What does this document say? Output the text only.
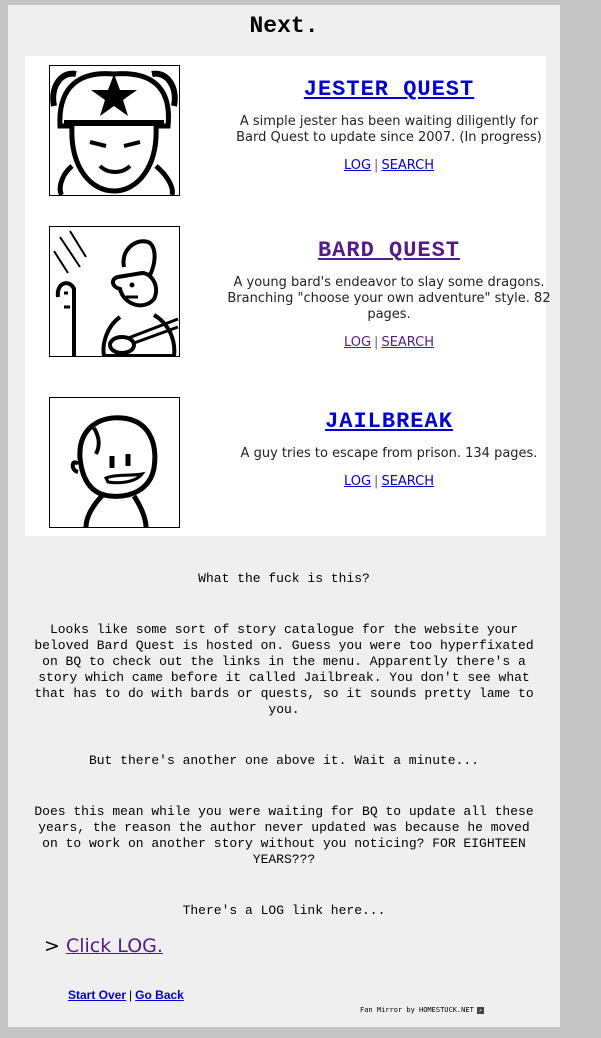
Next.
JESTER QUEST
A simple jester has been waiting diligently for Bard Quest to update since 2007. (In progress)
LOG | SEARCH
BARD QUEST
A young bard's endeavor to slay some dragons. Branching "choose your own adventure" style. 82 pages.
LOG | SEARCH
JAILBREAK
A guy tries to escape from prison. 134 pages.
LOG | SEARCH

What the fuck is this?

Looks like some sort of story catalogue for the website your beloved Bard Quest is hosted on. Guess you were too hyperfixated on BQ to check out the links in the menu. Apparently there's a story which came before it called Jailbreak. You don't see what that has to do with bards or quests, so it sounds pretty lame to you.

But there's another one above it. Wait a minute...

Does this mean while you were waiting for BQ to update all these years, the reason the author never updated was because he moved on to work on another story without you noticing? FOR EIGHTEEN YEARS???

There's a LOG link here...

> Click LOG.
Start Over | Go Back
Fan Mirror by HOMESTUCK.NET ↗
